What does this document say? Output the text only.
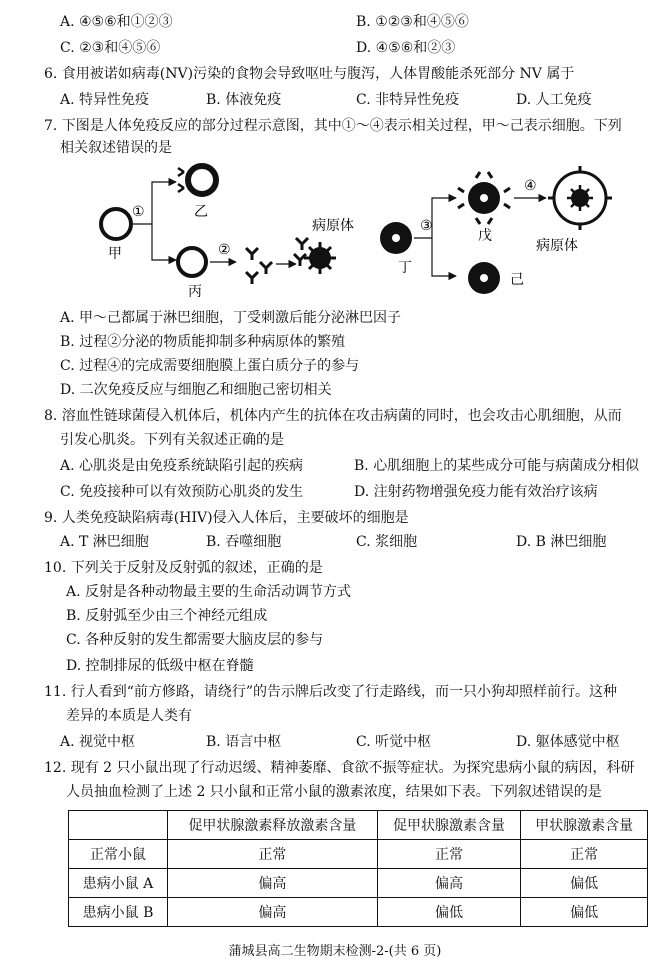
A. ④⑤⑥和①②③	B. ①②③和④⑤⑥
C. ②③和④⑤⑥	D. ④⑤⑥和②③
6. 食用被诺如病毒(NV)污染的食物会导致呕吐与腹泻，人体胃酸能杀死部分 NV 属于
A. 特异性免疫	B. 体液免疫	C. 非特异性免疫	D. 人工免疫
7. 下图是人体免疫反应的部分过程示意图，其中①～④表示相关过程，甲～己表示细胞。下列
相关叙述错误的是
甲
①	乙
丙
②
病原体
丁
③
戊
④
病原体
己
A. 甲～己都属于淋巴细胞，丁受刺激后能分泌淋巴因子
B. 过程②分泌的物质能抑制多种病原体的繁殖
C. 过程④的完成需要细胞膜上蛋白质分子的参与
D. 二次免疫反应与细胞乙和细胞己密切相关
8. 溶血性链球菌侵入机体后，机体内产生的抗体在攻击病菌的同时，也会攻击心肌细胞，从而
引发心肌炎。下列有关叙述正确的是
A. 心肌炎是由免疫系统缺陷引起的疾病	B. 心肌细胞上的某些成分可能与病菌成分相似
C. 免疫接种可以有效预防心肌炎的发生	D. 注射药物增强免疫力能有效治疗该病
9. 人类免疫缺陷病毒(HIV)侵入人体后，主要破坏的细胞是
A. T 淋巴细胞	B. 吞噬细胞	C. 浆细胞	D. B 淋巴细胞
10. 下列关于反射及反射弧的叙述，正确的是
A. 反射是各种动物最主要的生命活动调节方式
B. 反射弧至少由三个神经元组成
C. 各种反射的发生都需要大脑皮层的参与
D. 控制排尿的低级中枢在脊髓
11. 行人看到“前方修路，请绕行”的告示牌后改变了行走路线，而一只小狗却照样前行。这种
差异的本质是人类有
A. 视觉中枢	B. 语言中枢	C. 听觉中枢	D. 躯体感觉中枢
12. 现有 2 只小鼠出现了行动迟缓、精神萎靡、食欲不振等症状。为探究患病小鼠的病因，科研
人员抽血检测了上述 2 只小鼠和正常小鼠的激素浓度，结果如下表。下列叙述错误的是
	促甲状腺激素释放激素含量	促甲状腺激素含量	甲状腺激素含量
正常小鼠	正常	正常	正常
患病小鼠 A	偏高	偏高	偏低
患病小鼠 B	偏高	偏低	偏低
蒲城县高二生物期末检测-2-(共 6 页)
